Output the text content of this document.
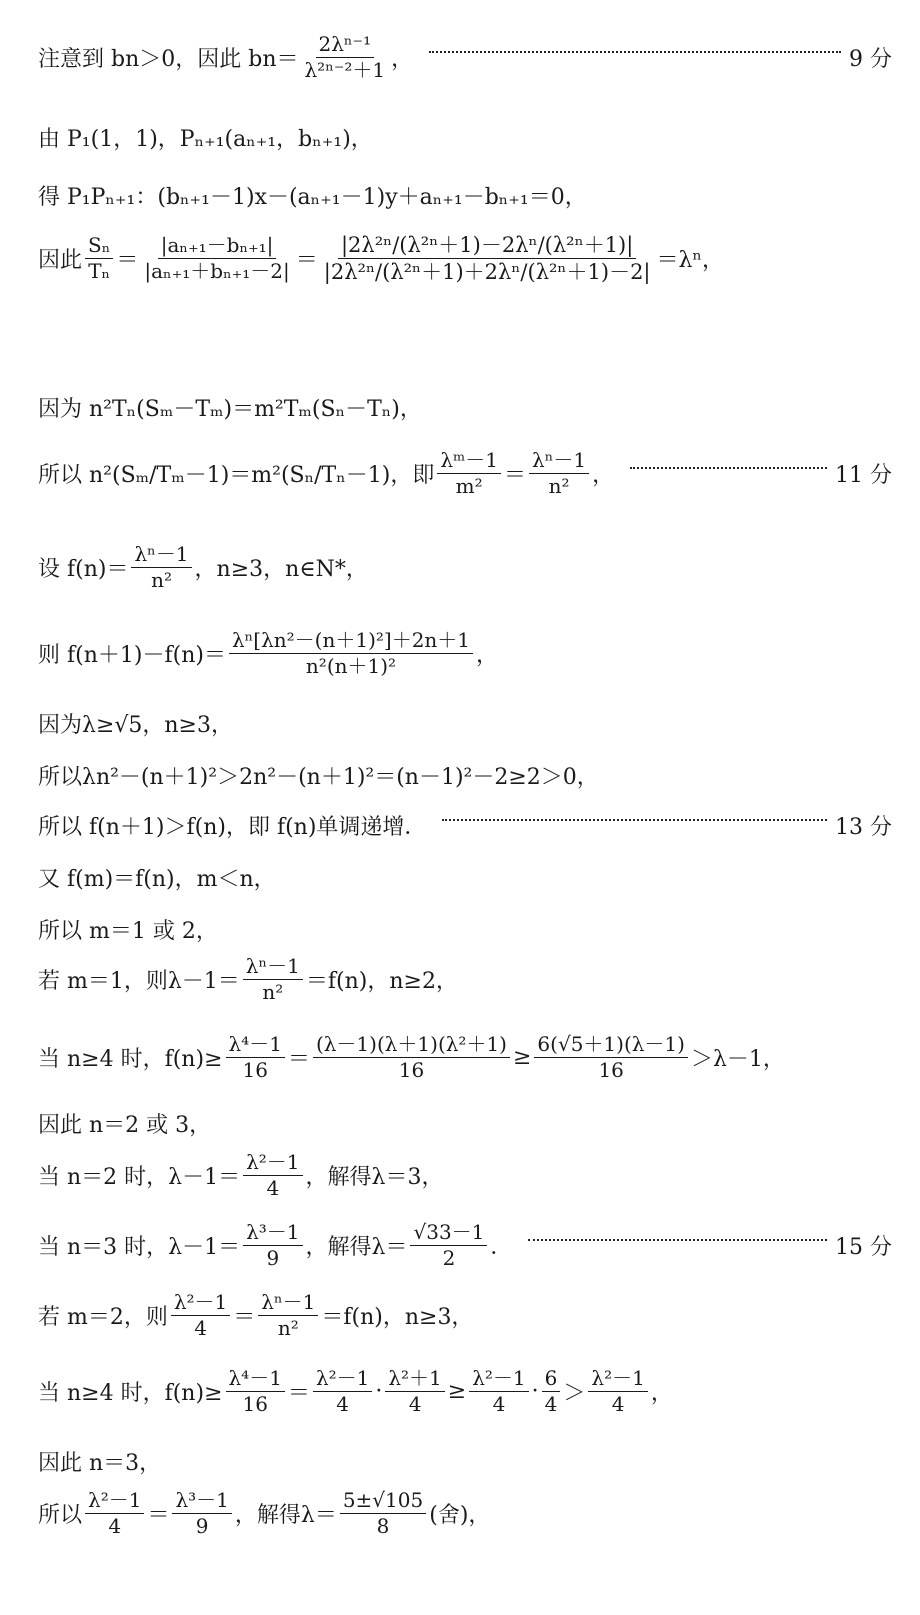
注意到 bn＞0，因此 $bn= \frac{\text{2λⁿ⁻¹}}{\text{λ²ⁿ⁻²＋1}}$ ，	9 分
由 P₁(1，1)，Pₙ₊₁(aₙ₊₁，bₙ₊₁)，
得 P₁Pₙ₊₁：(bₙ₊₁－1)x－(aₙ₊₁－1)y＋aₙ₊₁－bₙ₊₁＝0，
因此 $\frac{\text{Sₙ}}{\text{Tₙ}} = \frac{\text{|aₙ₊₁－bₙ₊₁|}}{\text{|aₙ₊₁＋bₙ₊₁－2|}} = \frac{\text{|2λ²ⁿ/(λ²ⁿ＋1)－2λⁿ/(λ²ⁿ＋1)|}}{\text{|2λ²ⁿ/(λ²ⁿ＋1)＋2λⁿ/(λ²ⁿ＋1)－2|}} =\lambda^n$，
因为 n²Tₙ(Sₘ－Tₘ)＝m²Tₘ(Sₙ－Tₙ)，
所以 n²(Sₘ/Tₘ－1)＝m²(Sₙ/Tₙ－1)，即 $\frac{\text{λᵐ－1}}{\text{m²}} = \frac{\text{λⁿ－1}}{\text{n²}}$ ，	11 分
设 $f(n)= \frac{\text{λⁿ－1}}{\text{n²}}$ ，n≥3，n∈N*，
则 $f(n+1)-f(n)= \frac{\text{λⁿ[λn²－(n＋1)²]＋2n＋1}}{\text{n²(n＋1)²}}$ ，
因为λ≥√5，n≥3，
所以λn²－(n＋1)²＞2n²－(n＋1)²＝(n－1)²－2≥2＞0，
所以 f(n＋1)＞f(n)，即 f(n)单调递增．	13 分
又 f(m)＝f(n)，m＜n，
所以 m＝1 或 2，
若 m＝1，则$\lambda-1= \frac{\text{λⁿ－1}}{\text{n²}} =f(n)$，n≥2，
当 n≥4 时，$f(n)\ge \frac{\text{λ⁴－1}}{16} = \frac{\text{(λ－1)(λ＋1)(λ²＋1)}}{16} \ge \frac{6(√5+1)(\lambda-1)}{16} >\lambda-1$，
因此 n＝2 或 3，
当 n＝2 时，$\lambda-1= \frac{\text{λ²－1}}{4}$ ，解得λ＝3，
当 n＝3 时，$\lambda-1= \frac{\text{λ³－1}}{9}$ ，解得$\lambda= \frac{√33-1}{2}$ ．	15 分
若 m＝2，则 $\frac{\text{λ²－1}}{4} = \frac{\text{λⁿ－1}}{\text{n²}} =f(n)$，n≥3，
当 n≥4 时，$f(n)\ge \frac{\text{λ⁴－1}}{16} = \frac{\text{λ²－1}}{4} \cdot \frac{\text{λ²＋1}}{4} \ge \frac{\text{λ²－1}}{4} \cdot \frac{6}{4} > \frac{\text{λ²－1}}{4}$ ，
因此 n＝3，
所以 $\frac{\text{λ²－1}}{4} = \frac{\text{λ³－1}}{9}$ ，解得$\lambda= \frac{5\pm√105}{8}$ (舍)，
